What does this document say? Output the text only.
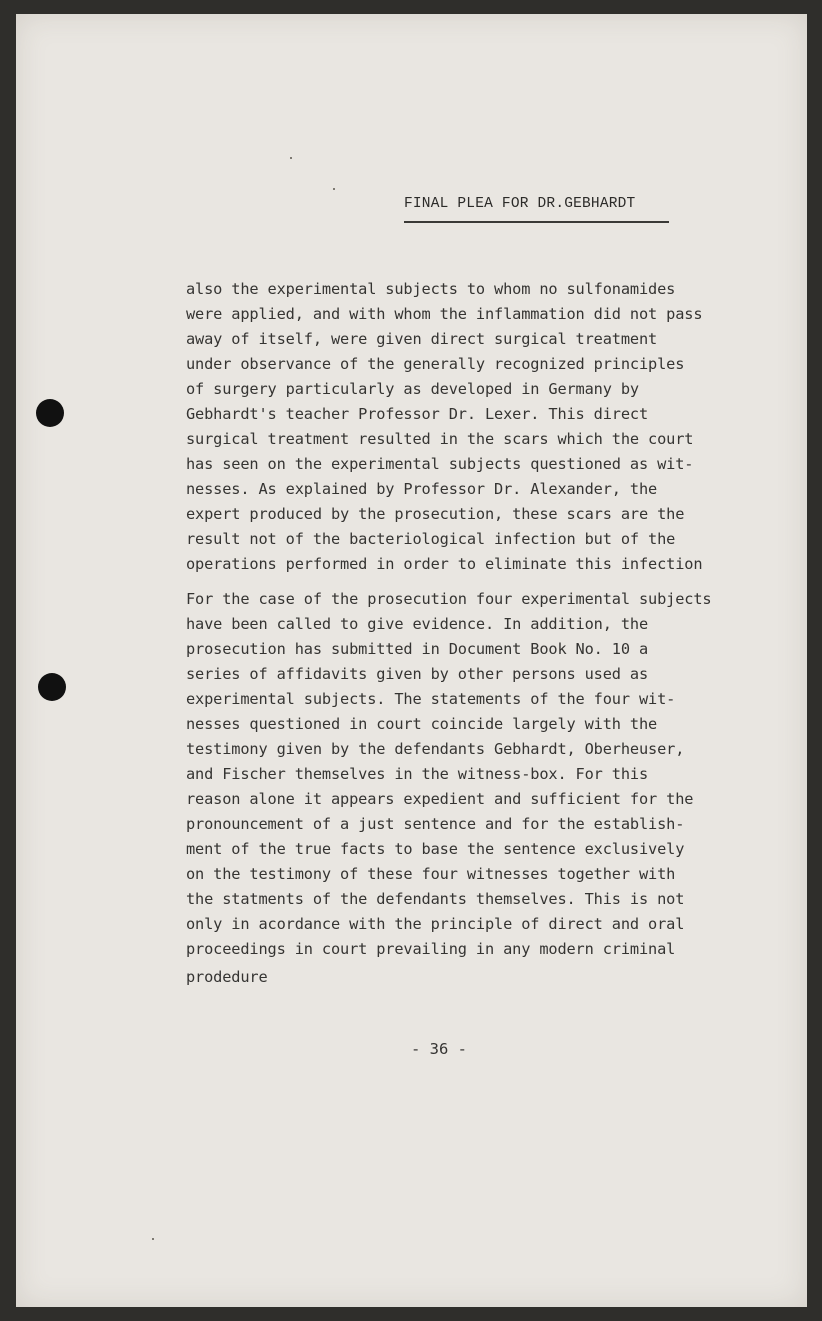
FINAL PLEA FOR DR.GEBHARDT
also the experimental subjects to whom no sulfonamides
were applied, and with whom the inflammation did not pass
away of itself, were given direct surgical treatment
under observance of the generally recognized principles
of surgery particularly as developed in Germany by
Gebhardt's teacher Professor Dr. Lexer. This direct
surgical treatment resulted in the scars which the court
has seen on the experimental subjects questioned as wit-
nesses. As explained by Professor Dr. Alexander, the
expert produced by the prosecution, these scars are the
result not of the bacteriological infection but of the
operations performed in order to eliminate this infection
For the case of the prosecution four experimental subjects
have been called to give evidence. In addition, the
prosecution has submitted in Document Book No. 10 a
series of affidavits given by other persons used as
experimental subjects. The statements of the four wit-
nesses questioned in court coincide largely with the
testimony given by the defendants Gebhardt, Oberheuser,
and Fischer themselves in the witness-box. For this
reason alone it appears expedient and sufficient for the
pronouncement of a just sentence and for the establish-
ment of the true facts to base the sentence exclusively
on the testimony of these four witnesses together with
the statments of the defendants themselves. This is not
only in acordance with the principle of direct and oral
proceedings in court prevailing in any modern criminal
prodedure
- 36 -
